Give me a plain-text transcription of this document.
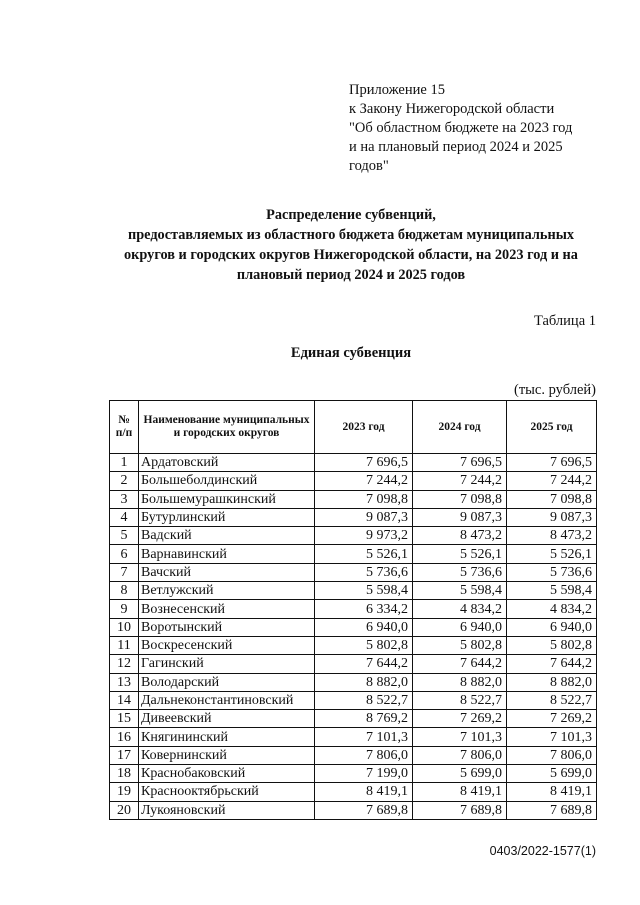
Приложение 15
к Закону Нижегородской области
"Об областном бюджете на 2023 год
и на плановый период 2024 и 2025
годов"
Распределение субвенций,
предоставляемых из областного бюджета бюджетам муниципальных
округов и городских округов Нижегородской области, на 2023 год и на
плановый период 2024 и 2025 годов
Таблица 1
Единая субвенция
(тыс. рублей)
№ п/п	Наименование муниципальных и городских округов	2023 год	2024 год	2025 год
1	Ардатовский	7 696,5	7 696,5	7 696,5
2	Большеболдинский	7 244,2	7 244,2	7 244,2
3	Большемурашкинский	7 098,8	7 098,8	7 098,8
4	Бутурлинский	9 087,3	9 087,3	9 087,3
5	Вадский	9 973,2	8 473,2	8 473,2
6	Варнавинский	5 526,1	5 526,1	5 526,1
7	Вачский	5 736,6	5 736,6	5 736,6
8	Ветлужский	5 598,4	5 598,4	5 598,4
9	Вознесенский	6 334,2	4 834,2	4 834,2
10	Воротынский	6 940,0	6 940,0	6 940,0
11	Воскресенский	5 802,8	5 802,8	5 802,8
12	Гагинский	7 644,2	7 644,2	7 644,2
13	Володарский	8 882,0	8 882,0	8 882,0
14	Дальнеконстантиновский	8 522,7	8 522,7	8 522,7
15	Дивеевский	8 769,2	7 269,2	7 269,2
16	Княгининский	7 101,3	7 101,3	7 101,3
17	Ковернинский	7 806,0	7 806,0	7 806,0
18	Краснобаковский	7 199,0	5 699,0	5 699,0
19	Краснооктябрьский	8 419,1	8 419,1	8 419,1
20	Лукояновский	7 689,8	7 689,8	7 689,8
0403/2022-1577(1)
